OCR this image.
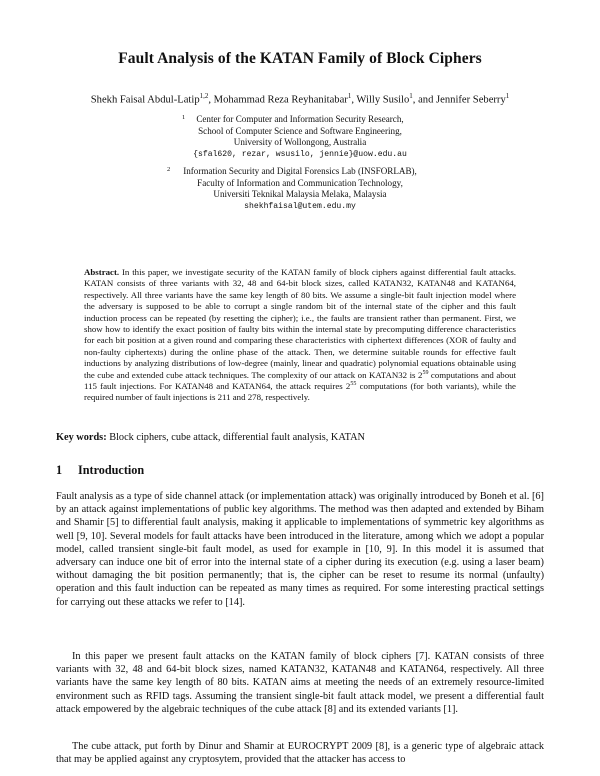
Fault Analysis of the KATAN Family of Block Ciphers
Shekh Faisal Abdul-Latip$^{1,2}$, Mohammad Reza Reyhanitabar$^1$, Willy Susilo$^1$, and Jennifer Seberry$^1$
1	Center for Computer and Information Security Research,
School of Computer Science and Software Engineering,
University of Wollongong, Australia
{sfal620, rezar, wsusilo, jennie}@uow.edu.au
2	Information Security and Digital Forensics Lab (INSFORLAB),
Faculty of Information and Communication Technology,
Universiti Teknikal Malaysia Melaka, Malaysia
shekhfaisal@utem.edu.my
Abstract. In this paper, we investigate security of the KATAN family of block ciphers against differential fault attacks. KATAN consists of three variants with 32, 48 and 64-bit block sizes, called KATAN32, KATAN48 and KATAN64, respectively. All three variants have the same key length of 80 bits. We assume a single-bit fault injection model where the adversary is supposed to be able to corrupt a single random bit of the internal state of the cipher and this fault induction process can be repeated (by resetting the cipher); i.e., the faults are transient rather than permanent. First, we show how to identify the exact position of faulty bits within the internal state by precomputing difference characteristics for each bit position at a given round and comparing these characteristics with ciphertext differences (XOR of faulty and non-faulty ciphertexts) during the online phase of the attack. Then, we determine suitable rounds for effective fault inductions by analyzing distributions of low-degree (mainly, linear and quadratic) polynomial equations obtainable using the cube and extended cube attack techniques. The complexity of our attack on KATAN32 is $2^{59}$ computations and about 115 fault injections. For KATAN48 and KATAN64, the attack requires $2^{55}$ computations (for both variants), while the required number of fault injections is 211 and 278, respectively.
Key words: Block ciphers, cube attack, differential fault analysis, KATAN
1 Introduction
Fault analysis as a type of side channel attack (or implementation attack) was originally introduced by Boneh et al. [6] by an attack against implementations of public key algorithms. The method was then adapted and extended by Biham and Shamir [5] to differential fault analysis, making it applicable to implementations of symmetric key algorithms as well [9, 10]. Several models for fault attacks have been introduced in the literature, among which we adopt a popular model, called transient single-bit fault model, as used for example in [10, 9]. In this model it is assumed that adversary can induce one bit of error into the internal state of a cipher during its execution (e.g. using a laser beam) without damaging the bit position permanently; that is, the cipher can be reset to resume its normal (unfaulty) operation and this fault induction can be repeated as many times as required. For some interesting practical settings for carrying out these attacks we refer to [14].
In this paper we present fault attacks on the KATAN family of block ciphers [7]. KATAN consists of three variants with 32, 48 and 64-bit block sizes, named KATAN32, KATAN48 and KATAN64, respectively. All three variants have the same key length of 80 bits. KATAN aims at meeting the needs of an extremely resource-limited environment such as RFID tags. Assuming the transient single-bit fault attack model, we present a differential fault attack empowered by the algebraic techniques of the cube attack [8] and its extended variants [1].
The cube attack, put forth by Dinur and Shamir at EUROCRYPT 2009 [8], is a generic type of algebraic attack that may be applied against any cryptosytem, provided that the attacker has access to
